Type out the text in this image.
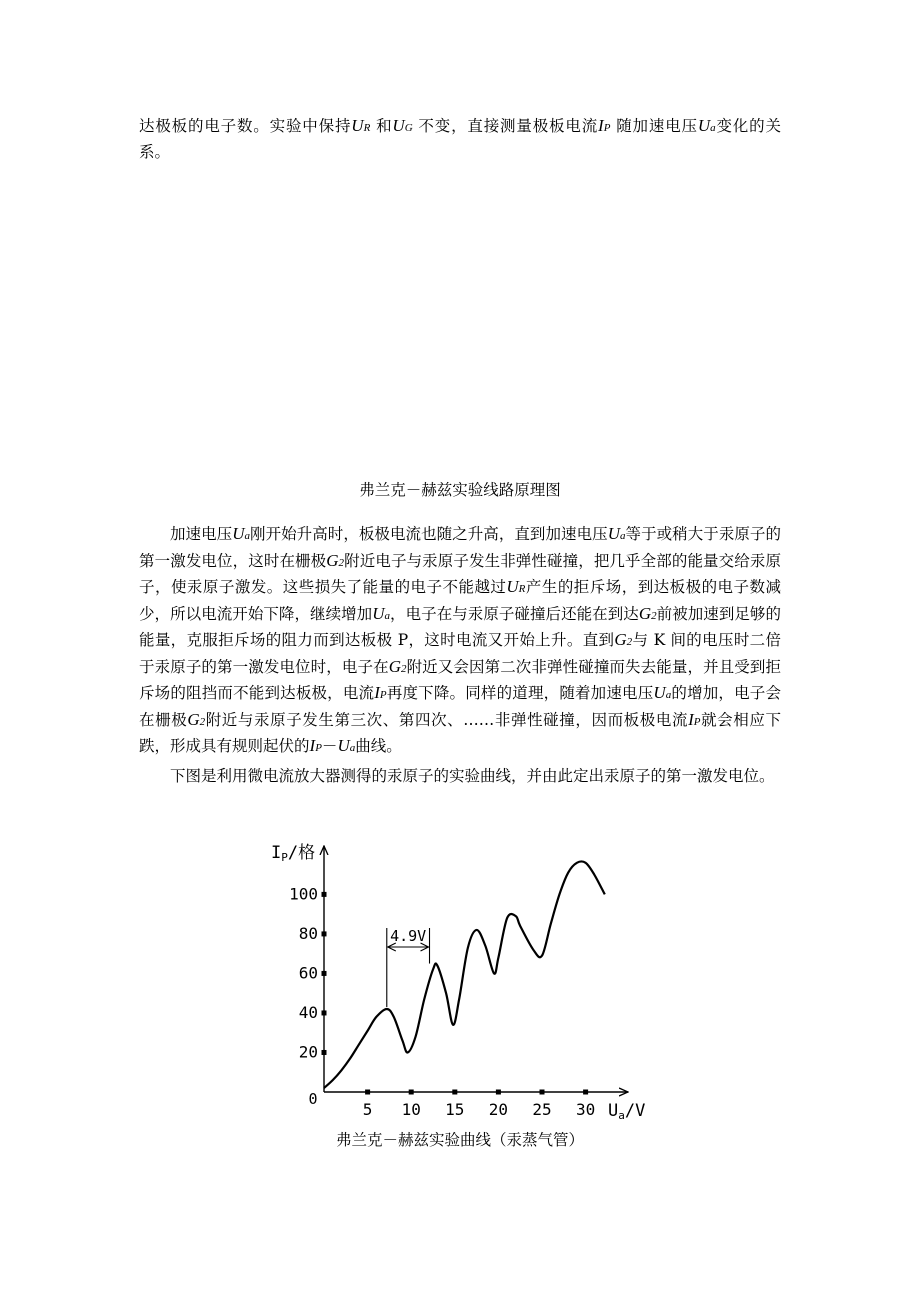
达极板的电子数。实验中保持UR 和UG 不变，直接测量极板电流IP 随加速电压Ua变化的关系。
弗兰克－赫兹实验线路原理图
加速电压Ua刚开始升高时，板极电流也随之升高，直到加速电压Ua等于或稍大于汞原子的第一激发电位，这时在栅极G2附近电子与汞原子发生非弹性碰撞，把几乎全部的能量交给汞原子，使汞原子激发。这些损失了能量的电子不能越过UR产生的拒斥场，到达板极的电子数减少，所以电流开始下降，继续增加Ua，电子在与汞原子碰撞后还能在到达G2前被加速到足够的能量，克服拒斥场的阻力而到达板极 P，这时电流又开始上升。直到G2与 K 间的电压时二倍于汞原子的第一激发电位时，电子在G2附近又会因第二次非弹性碰撞而失去能量，并且受到拒斥场的阻挡而不能到达板极，电流IP再度下降。同样的道理，随着加速电压Ua的增加，电子会在栅极G2附近与汞原子发生第三次、第四次、……非弹性碰撞，因而板极电流IP就会相应下跌，形成具有规则起伏的IP－Ua曲线。
下图是利用微电流放大器测得的汞原子的实验曲线，并由此定出汞原子的第一激发电位。
5 10 15 20 25 30
20
40
60
80
100
4.9V
0
IP/格
Ua/V
弗兰克－赫兹实验曲线（汞蒸气管）
